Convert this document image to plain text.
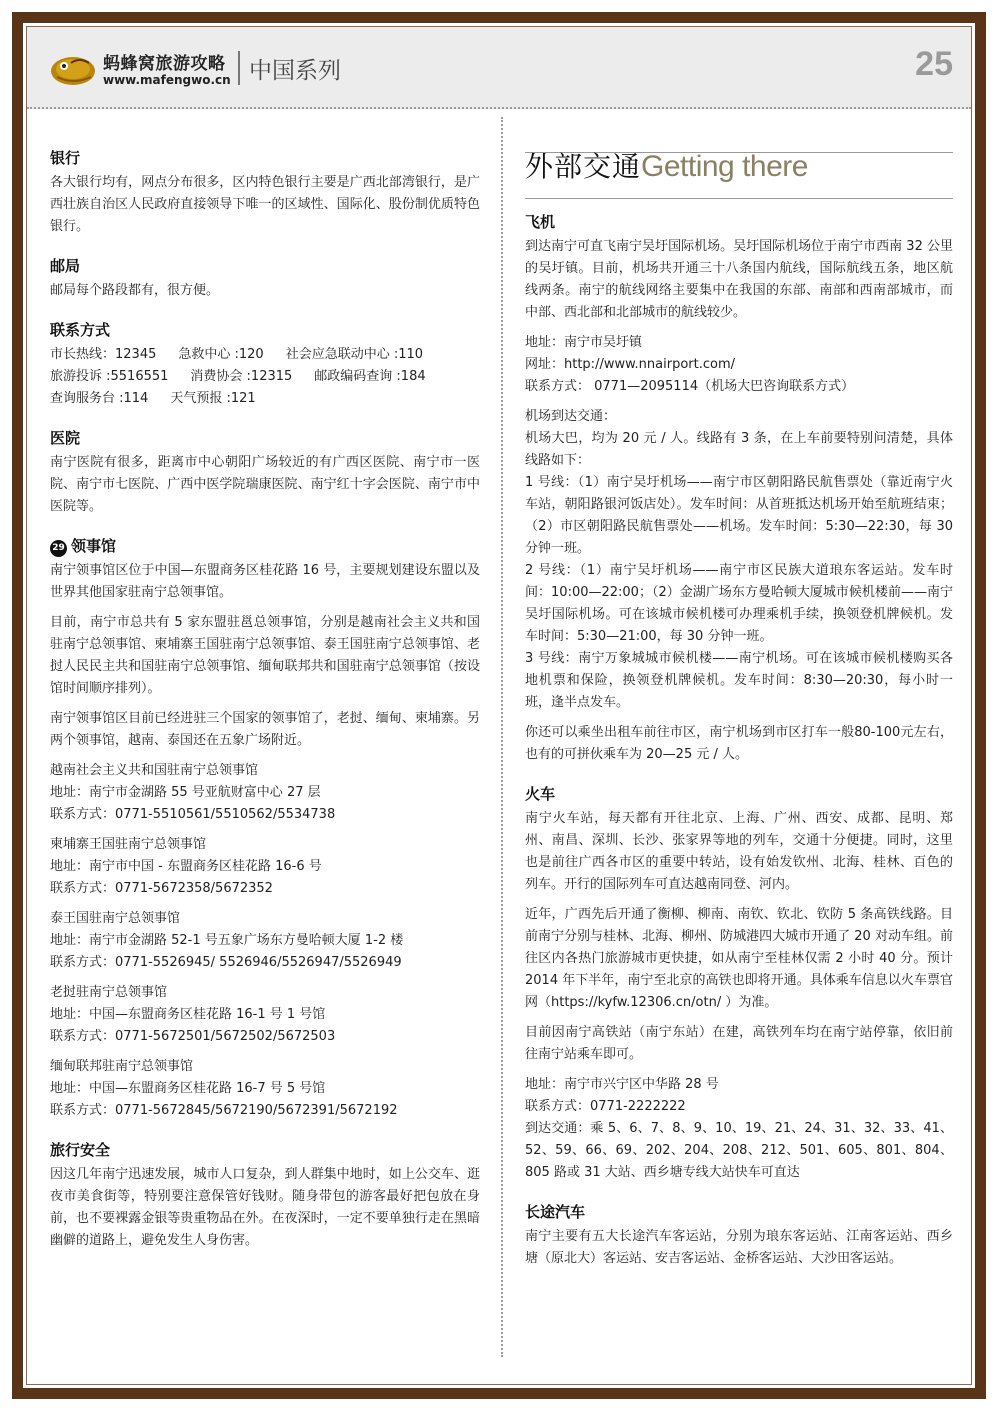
蚂蜂窝旅游攻略
www.mafengwo.cn 中国系列	25
银行
各大银行均有，网点分布很多，区内特色银行主要是广西北部湾银行，是广西壮族自治区人民政府直接领导下唯一的区域性、国际化、股份制优质特色银行。
邮局
邮局每个路段都有，很方便。
联系方式
市长热线：12345 急救中心 :120 社会应急联动中心 :110
旅游投诉 :5516551 消费协会 :12315 邮政编码查询 :184
查询服务台 :114 天气预报 :121
医院
南宁医院有很多，距离市中心朝阳广场较近的有广西区医院、南宁市一医院、南宁市七医院、广西中医学院瑞康医院、南宁红十字会医院、南宁市中医院等。
29 领事馆
南宁领事馆区位于中国—东盟商务区桂花路 16 号，主要规划建设东盟以及世界其他国家驻南宁总领事馆。
目前，南宁市总共有 5 家东盟驻邕总领事馆，分别是越南社会主义共和国驻南宁总领事馆、柬埔寨王国驻南宁总领事馆、泰王国驻南宁总领事馆、老挝人民民主共和国驻南宁总领事馆、缅甸联邦共和国驻南宁总领事馆（按设馆时间顺序排列）。
南宁领事馆区目前已经进驻三个国家的领事馆了，老挝、缅甸、柬埔寨。另两个领事馆，越南、泰国还在五象广场附近。
越南社会主义共和国驻南宁总领事馆
地址：南宁市金湖路 55 号亚航财富中心 27 层
联系方式：0771-5510561/5510562/5534738
柬埔寨王国驻南宁总领事馆
地址：南宁市中国 - 东盟商务区桂花路 16-6 号
联系方式：0771-5672358/5672352
泰王国驻南宁总领事馆
地址：南宁市金湖路 52-1 号五象广场东方曼哈顿大厦 1-2 楼
联系方式：0771-5526945/ 5526946/5526947/5526949
老挝驻南宁总领事馆
地址：中国—东盟商务区桂花路 16-1 号 1 号馆
联系方式：0771-5672501/5672502/5672503
缅甸联邦驻南宁总领事馆
地址：中国—东盟商务区桂花路 16-7 号 5 号馆
联系方式：0771-5672845/5672190/5672391/5672192
旅行安全
因这几年南宁迅速发展，城市人口复杂，到人群集中地时，如上公交车、逛夜市美食街等，特别要注意保管好钱财。随身带包的游客最好把包放在身前，也不要裸露金银等贵重物品在外。在夜深时，一定不要单独行走在黑暗幽僻的道路上，避免发生人身伤害。
外部交通Getting there
飞机
到达南宁可直飞南宁吴圩国际机场。吴圩国际机场位于南宁市西南 32 公里的吴圩镇。目前，机场共开通三十八条国内航线，国际航线五条，地区航线两条。南宁的航线网络主要集中在我国的东部、南部和西南部城市，而中部、西北部和北部城市的航线较少。
地址：南宁市吴圩镇
网址：http://www.nnairport.com/
联系方式： 0771—2095114（机场大巴咨询联系方式）
机场到达交通：
机场大巴，均为 20 元 / 人。线路有 3 条，在上车前要特别问清楚，具体线路如下：
1 号线：（1）南宁吴圩机场——南宁市区朝阳路民航售票处（靠近南宁火车站，朝阳路银河饭店处）。发车时间：从首班抵达机场开始至航班结束；（2）市区朝阳路民航售票处——机场。发车时间：5:30—22:30，每 30 分钟一班。
2 号线：（1）南宁吴圩机场——南宁市区民族大道琅东客运站。发车时间：10:00—22:00；（2）金湖广场东方曼哈顿大厦城市候机楼前——南宁吴圩国际机场。可在该城市候机楼可办理乘机手续，换领登机牌候机。发车时间：5:30—21:00，每 30 分钟一班。
3 号线：南宁万象城城市候机楼——南宁机场。可在该城市候机楼购买各地机票和保险，换领登机牌候机。发车时间：8:30—20:30，每小时一班，逢半点发车。
你还可以乘坐出租车前往市区，南宁机场到市区打车一般80-100元左右，也有的可拼伙乘车为 20—25 元 / 人。
火车
南宁火车站，每天都有开往北京、上海、广州、西安、成都、昆明、郑州、南昌、深圳、长沙、张家界等地的列车，交通十分便捷。同时，这里也是前往广西各市区的重要中转站，设有始发钦州、北海、桂林、百色的列车。开行的国际列车可直达越南同登、河内。
近年，广西先后开通了衡柳、柳南、南钦、钦北、钦防 5 条高铁线路。目前南宁分别与桂林、北海、柳州、防城港四大城市开通了 20 对动车组。前往区内各热门旅游城市更快捷，如从南宁至桂林仅需 2 小时 40 分。预计 2014 年下半年，南宁至北京的高铁也即将开通。具体乘车信息以火车票官网（https://kyfw.12306.cn/otn/ ）为准。
目前因南宁高铁站（南宁东站）在建，高铁列车均在南宁站停靠，依旧前往南宁站乘车即可。
地址：南宁市兴宁区中华路 28 号
联系方式：0771-2222222
到达交通：乘 5、6、7、8、9、10、19、21、24、31、32、33、41、52、59、66、69、202、204、208、212、501、605、801、804、805 路或 31 大站、西乡塘专线大站快车可直达
长途汽车
南宁主要有五大长途汽车客运站，分别为琅东客运站、江南客运站、西乡塘（原北大）客运站、安吉客运站、金桥客运站、大沙田客运站。
